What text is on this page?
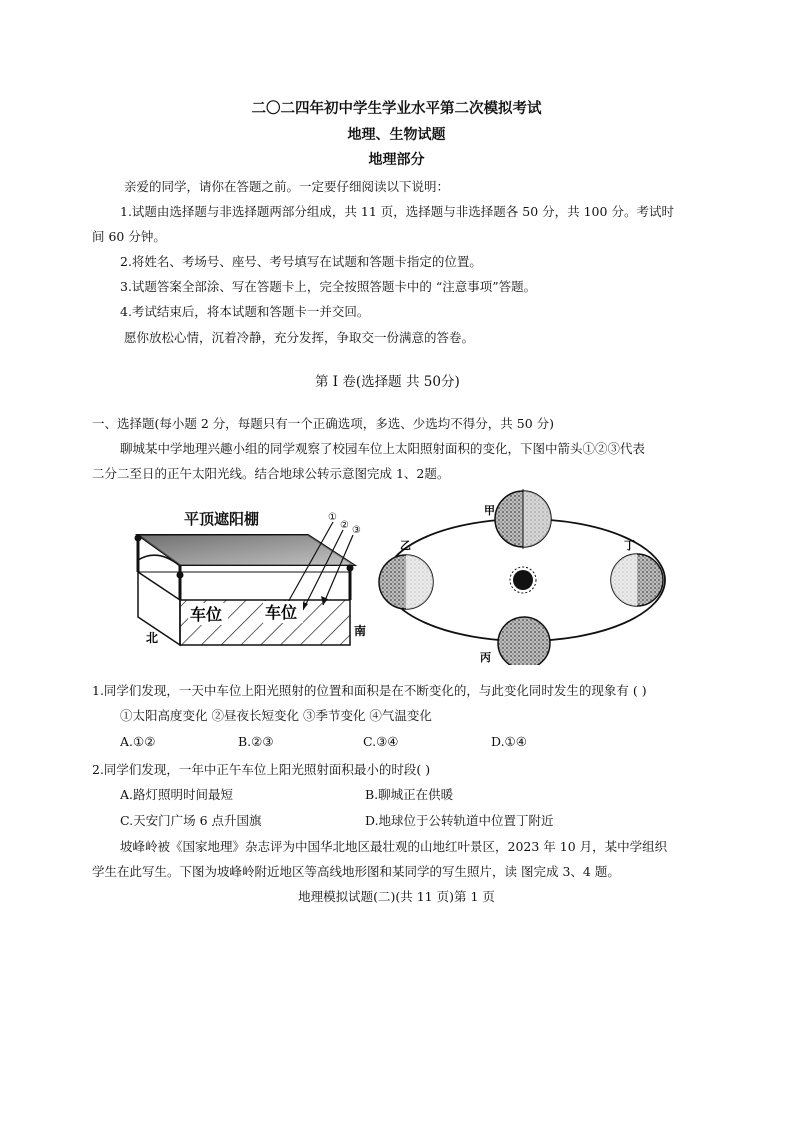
二〇二四年初中学生学业水平第二次模拟考试
地理、生物试题
地理部分
亲爱的同学，请你在答题之前。一定要仔细阅读以下说明：
1.试题由选择题与非选择题两部分组成，共 11 页，选择题与非选择题各 50 分，共 100 分。考试时
间 60 分钟。
2.将姓名、考场号、座号、考号填写在试题和答题卡指定的位置。
3.试题答案全部涂、写在答题卡上，完全按照答题卡中的 “注意事项”答题。
4.考试结束后，将本试题和答题卡一并交回。
愿你放松心情，沉着冷静，充分发挥，争取交一份满意的答卷。
第 I 卷(选择题 共 50分)
一、选择题(每小题 2 分，每题只有一个正确选项，多选、少选均不得分，共 50 分)
聊城某中学地理兴趣小组的同学观察了校园车位上太阳照射面积的变化，下图中箭头①②③代表
二分二至日的正午太阳光线。结合地球公转示意图完成 1、2题。
平顶遮阳棚	①
② ③
车位	车位
北	南
甲
乙
丙
丁
1.同学们发现，一天中车位上阳光照射的位置和面积是在不断变化的，与此变化同时发生的现象有 ( )
①太阳高度变化 ②昼夜长短变化 ③季节变化 ④气温变化
A.①②	B.②③	C.③④	D.①④
2.同学们发现，一年中正午车位上阳光照射面积最小的时段( )
A.路灯照明时间最短	B.聊城正在供暖
C.天安门广场 6 点升国旗	D.地球位于公转轨道中位置丁附近
坡峰岭被《国家地理》杂志评为中国华北地区最壮观的山地红叶景区，2023 年 10 月，某中学组织
学生在此写生。下图为坡峰岭附近地区等高线地形图和某同学的写生照片，读 图完成 3、4 题。
地理模拟试题(二)(共 11 页)第 1 页
